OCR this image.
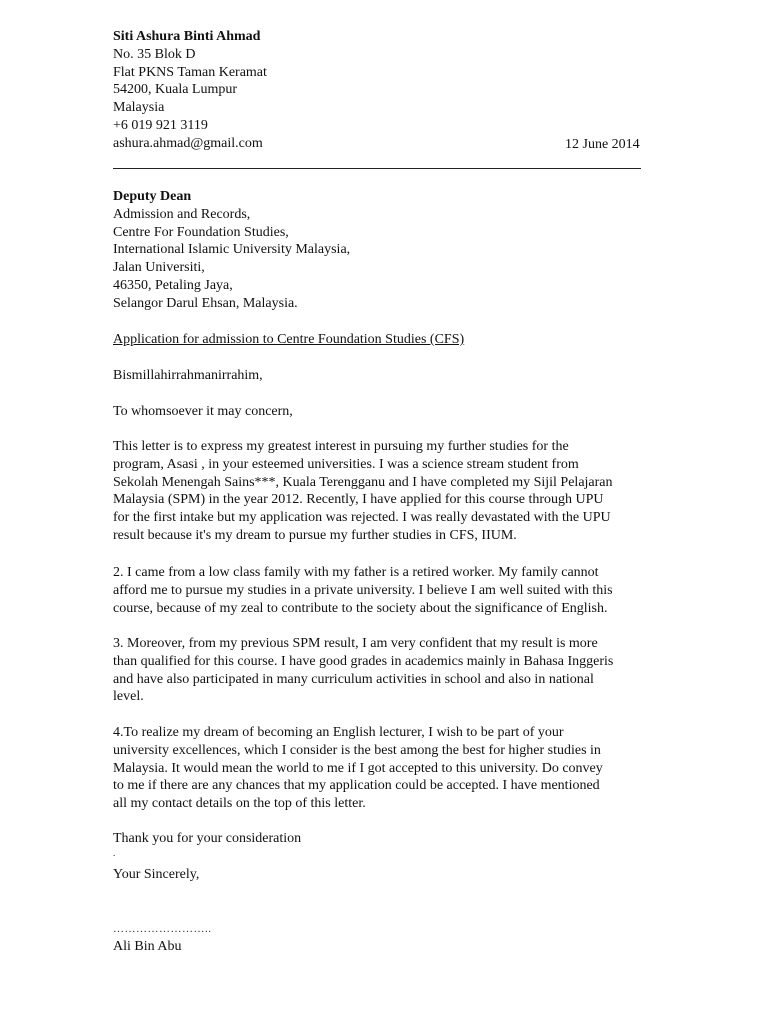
Siti Ashura Binti Ahmad
No. 35 Blok D
Flat PKNS Taman Keramat
54200, Kuala Lumpur
Malaysia
+6 019 921 3119
ashura.ahmad@gmail.com	12 June 2014
Deputy Dean
Admission and Records,
Centre For Foundation Studies,
International Islamic University Malaysia,
Jalan Universiti,
46350, Petaling Jaya,
Selangor Darul Ehsan, Malaysia.
Application for admission to Centre Foundation Studies (CFS)
Bismillahirrahmanirrahim,
To whomsoever it may concern,
This letter is to express my greatest interest in pursuing my further studies for the
program, Asasi , in your esteemed universities. I was a science stream student from
Sekolah Menengah Sains***, Kuala Terengganu and I have completed my Sijil Pelajaran
Malaysia (SPM) in the year 2012. Recently, I have applied for this course through UPU
for the first intake but my application was rejected. I was really devastated with the UPU
result because it's my dream to pursue my further studies in CFS, IIUM.
2. I came from a low class family with my father is a retired worker. My family cannot
afford me to pursue my studies in a private university. I believe I am well suited with this
course, because of my zeal to contribute to the society about the significance of English.
3. Moreover, from my previous SPM result, I am very confident that my result is more
than qualified for this course. I have good grades in academics mainly in Bahasa Inggeris
and have also participated in many curriculum activities in school and also in national
level.
4.To realize my dream of becoming an English lecturer, I wish to be part of your
university excellences, which I consider is the best among the best for higher studies in
Malaysia. It would mean the world to me if I got accepted to this university. Do convey
to me if there are any chances that my application could be accepted. I have mentioned
all my contact details on the top of this letter.
Thank you for your consideration
.
Your Sincerely,
……………………..
Ali Bin Abu
